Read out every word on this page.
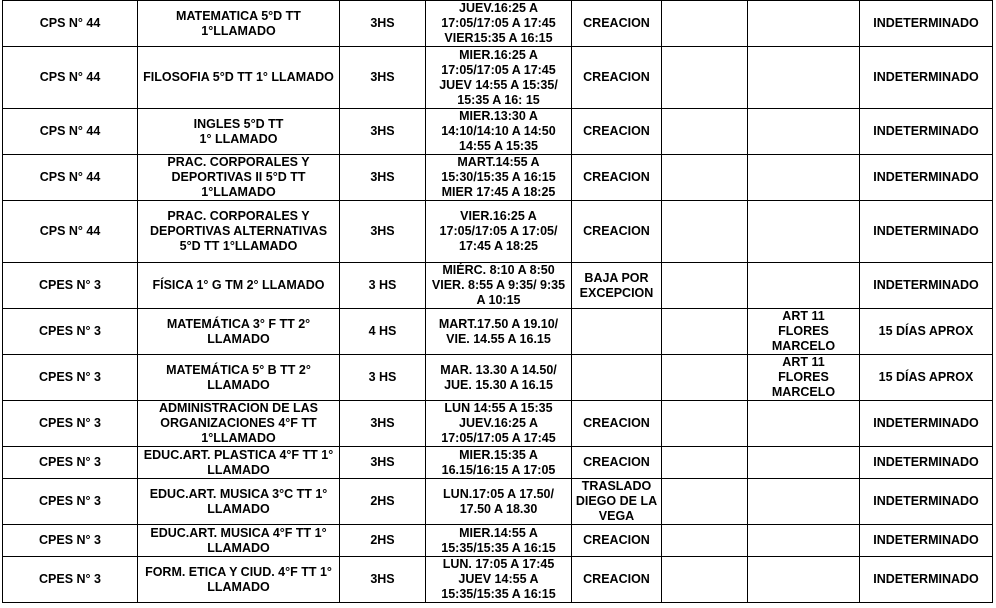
CPS N° 44	MATEMATICA 5°D TT
1°LLAMADO	3HS	JUEV.16:25 A
17:05/17:05 A 17:45
VIER15:35 A 16:15	CREACION			INDETERMINADO
CPS N° 44	FILOSOFIA 5°D TT 1° LLAMADO	3HS	MIER.16:25 A
17:05/17:05 A 17:45
JUEV 14:55 A 15:35/
15:35 A 16: 15	CREACION			INDETERMINADO
CPS N° 44	INGLES 5°D TT
1° LLAMADO	3HS	MIER.13:30 A
14:10/14:10 A 14:50
14:55 A 15:35	CREACION			INDETERMINADO
CPS N° 44	PRAC. CORPORALES Y
DEPORTIVAS II 5°D TT
1°LLAMADO	3HS	MART.14:55 A
15:30/15:35 A 16:15
MIER 17:45 A 18:25	CREACION			INDETERMINADO
CPS N° 44	PRAC. CORPORALES Y
DEPORTIVAS ALTERNATIVAS
5°D TT 1°LLAMADO	3HS	VIER.16:25 A
17:05/17:05 A 17:05/
17:45 A 18:25	CREACION			INDETERMINADO
CPES N° 3	FÍSICA 1° G TM 2° LLAMADO	3 HS	MIÉRC. 8:10 A 8:50
VIER. 8:55 A 9:35/ 9:35
A 10:15	BAJA POR
EXCEPCION			INDETERMINADO
CPES N° 3	MATEMÁTICA 3° F TT 2°
LLAMADO	4 HS	MART.17.50 A 19.10/
VIE. 14.55 A 16.15			ART 11
FLORES
MARCELO	15 DÍAS APROX
CPES N° 3	MATEMÁTICA 5° B TT 2°
LLAMADO	3 HS	MAR. 13.30 A 14.50/
JUE. 15.30 A 16.15			ART 11
FLORES
MARCELO	15 DÍAS APROX
CPES N° 3	ADMINISTRACION DE LAS
ORGANIZACIONES 4°F TT
1°LLAMADO	3HS	LUN 14:55 A 15:35
JUEV.16:25 A
17:05/17:05 A 17:45	CREACION			INDETERMINADO
CPES N° 3	EDUC.ART. PLASTICA 4°F TT 1°
LLAMADO	3HS	MIER.15:35 A
16.15/16:15 A 17:05	CREACION			INDETERMINADO
CPES N° 3	EDUC.ART. MUSICA 3°C TT 1°
LLAMADO	2HS	LUN.17:05 A 17.50/
17.50 A 18.30	TRASLADO
DIEGO DE LA
VEGA			INDETERMINADO
CPES N° 3	EDUC.ART. MUSICA 4°F TT 1°
LLAMADO	2HS	MIER.14:55 A
15:35/15:35 A 16:15	CREACION			INDETERMINADO
CPES N° 3	FORM. ETICA Y CIUD. 4°F TT 1°
LLAMADO	3HS	LUN. 17:05 A 17:45
JUEV 14:55 A
15:35/15:35 A 16:15	CREACION			INDETERMINADO
